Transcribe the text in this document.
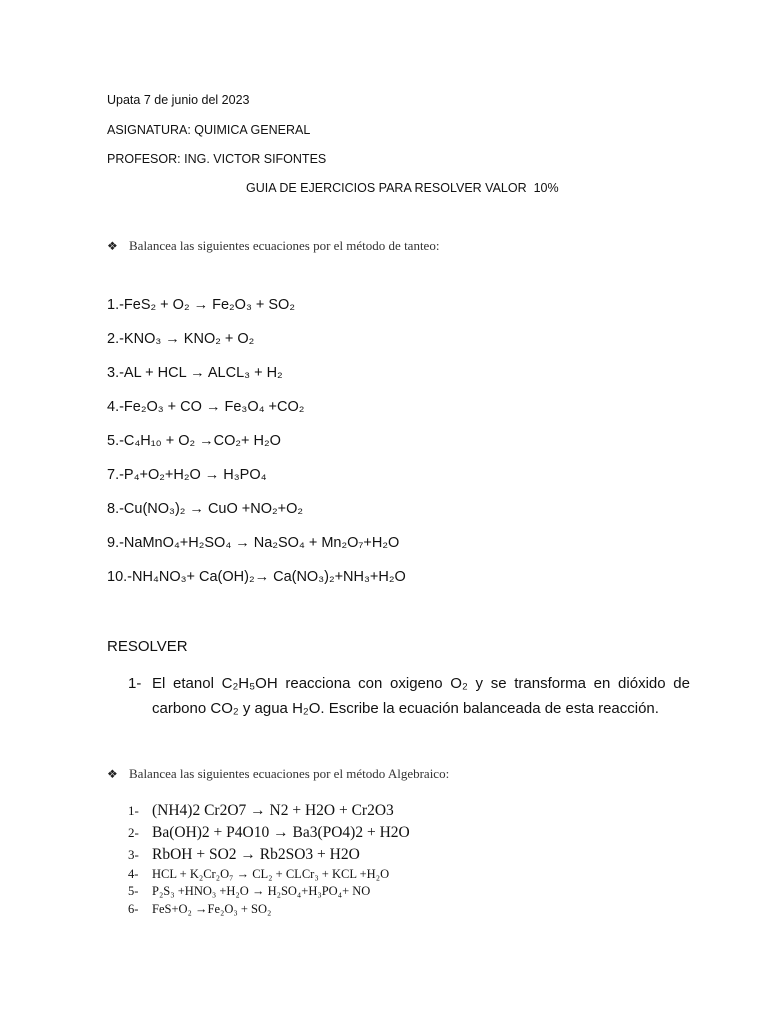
Upata 7 de junio del 2023
ASIGNATURA: QUIMICA GENERAL
PROFESOR: ING. VICTOR SIFONTES
GUIA DE EJERCICIOS PARA RESOLVER VALOR  10%
❖ Balancea las siguientes ecuaciones por el método de tanteo:
1.-FeS₂ + O₂ → Fe₂O₃ + SO₂
2.-KNO₃ → KNO₂ + O₂
3.-AL + HCL → ALCL₃ + H₂
4.-Fe₂O₃ + CO → Fe₃O₄ +CO₂
5.-C₄H₁₀ + O₂ →CO₂+ H₂O
7.-P₄+O₂+H₂O → H₃PO₄
8.-Cu(NO₃)₂ → CuO +NO₂+O₂
9.-NaMnO₄+H₂SO₄ → Na₂SO₄ + Mn₂O₇+H₂O
10.-NH₄NO₃+ Ca(OH)₂→ Ca(NO₃)₂+NH₃+H₂O
RESOLVER
1- El etanol C₂H₅OH reacciona con oxigeno O₂ y se transforma en dióxido de carbono CO₂ y agua H₂O. Escribe la ecuación balanceada de esta reacción.
❖ Balancea las siguientes ecuaciones por el método Algebraico:
1- (NH4)2 Cr2O7 → N2 + H2O + Cr2O3
2- Ba(OH)2 + P4O10 → Ba3(PO4)2 + H2O
3- RbOH + SO2 → Rb2SO3 + H2O
4- HCL + K₂Cr₂O₇ → CL₂ + CLCr₃ + KCL +H₂O
5- P₂S₃ +HNO₃ +H₂O → H₂SO₄+H₃PO₄+ NO
6- FeS+O₂ →Fe₂O₃ + SO₂
